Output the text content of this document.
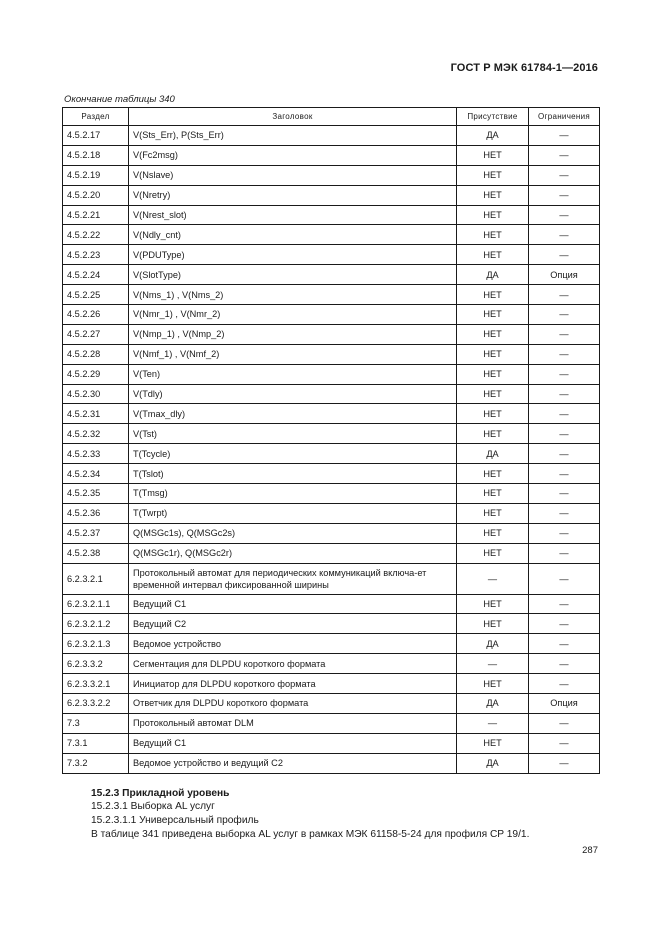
ГОСТ Р МЭК 61784-1—2016
Окончание таблицы 340
Раздел	Заголовок	Присутствие	Ограничения
4.5.2.17	V(Sts_Err), P(Sts_Err)	ДА	—
4.5.2.18	V(Fc2msg)	НЕТ	—
4.5.2.19	V(Nslave)	НЕТ	—
4.5.2.20	V(Nretry)	НЕТ	—
4.5.2.21	V(Nrest_slot)	НЕТ	—
4.5.2.22	V(Ndly_cnt)	НЕТ	—
4.5.2.23	V(PDUType)	НЕТ	—
4.5.2.24	V(SlotType)	ДА	Опция
4.5.2.25	V(Nms_1) , V(Nms_2)	НЕТ	—
4.5.2.26	V(Nmr_1) , V(Nmr_2)	НЕТ	—
4.5.2.27	V(Nmp_1) , V(Nmp_2)	НЕТ	—
4.5.2.28	V(Nmf_1) , V(Nmf_2)	НЕТ	—
4.5.2.29	V(Ten)	НЕТ	—
4.5.2.30	V(Tdly)	НЕТ	—
4.5.2.31	V(Tmax_dly)	НЕТ	—
4.5.2.32	V(Tst)	НЕТ	—
4.5.2.33	T(Tcycle)	ДА	—
4.5.2.34	T(Tslot)	НЕТ	—
4.5.2.35	T(Tmsg)	НЕТ	—
4.5.2.36	T(Twrpt)	НЕТ	—
4.5.2.37	Q(MSGc1s), Q(MSGc2s)	НЕТ	—
4.5.2.38	Q(MSGc1r), Q(MSGc2r)	НЕТ	—
6.2.3.2.1	Протокольный автомат для периодических коммуникаций включа-ет временной интервал фиксированной ширины	—	—
6.2.3.2.1.1	Ведущий С1	НЕТ	—
6.2.3.2.1.2	Ведущий С2	НЕТ	—
6.2.3.2.1.3	Ведомое устройство	ДА	—
6.2.3.3.2	Сегментация для DLPDU короткого формата	—	—
6.2.3.3.2.1	Инициатор для DLPDU короткого формата	НЕТ	—
6.2.3.3.2.2	Ответчик для DLPDU короткого формата	ДА	Опция
7.3	Протокольный автомат DLM	—	—
7.3.1	Ведущий С1	НЕТ	—
7.3.2	Ведомое устройство и ведущий С2	ДА	—
15.2.3 Прикладной уровень
15.2.3.1 Выборка AL услуг
15.2.3.1.1 Универсальный профиль
В таблице 341 приведена выборка AL услуг в рамках МЭК 61158-5-24 для профиля CP 19/1.
287
